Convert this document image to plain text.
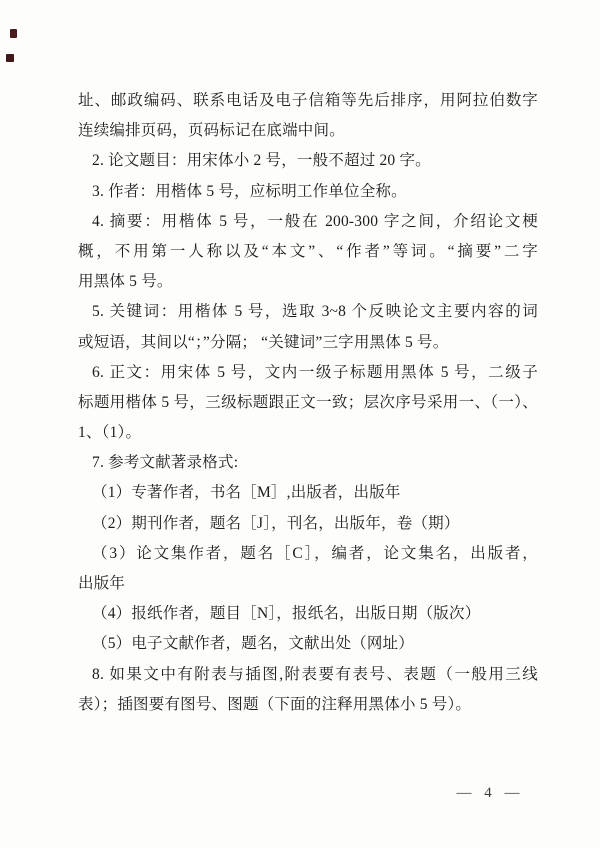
址、邮政编码、联系电话及电子信箱等先后排序，用阿拉伯数字
连续编排页码，页码标记在底端中间。
2. 论文题目：用宋体小 2 号，一般不超过 20 字。
3. 作者：用楷体 5 号，应标明工作单位全称。
4. 摘要：用楷体 5 号，一般在 200-300 字之间，介绍论文梗
概，不用第一人称以及“本文”、“作者”等词。“摘要”二字
用黑体 5 号。
5. 关键词：用楷体 5 号，选取 3~8 个反映论文主要内容的词
或短语，其间以“；”分隔； “关键词”三字用黑体 5 号。
6. 正文：用宋体 5 号，文内一级子标题用黑体 5 号，二级子
标题用楷体 5 号，三级标题跟正文一致；层次序号采用一、（一）、
1、（1）。
7. 参考文献著录格式:
（1）专著作者，书名［M］,出版者，出版年
（2）期刊作者，题名［J］，刊名，出版年，卷（期）
（3）论文集作者，题名［C］，编者，论文集名，出版者，
出版年
（4）报纸作者，题目［N］，报纸名，出版日期（版次）
（5）电子文献作者，题名，文献出处（网址）
8. 如果文中有附表与插图,附表要有表号、表题（一般用三线
表）；插图要有图号、图题（下面的注释用黑体小 5 号）。
— 4 —
